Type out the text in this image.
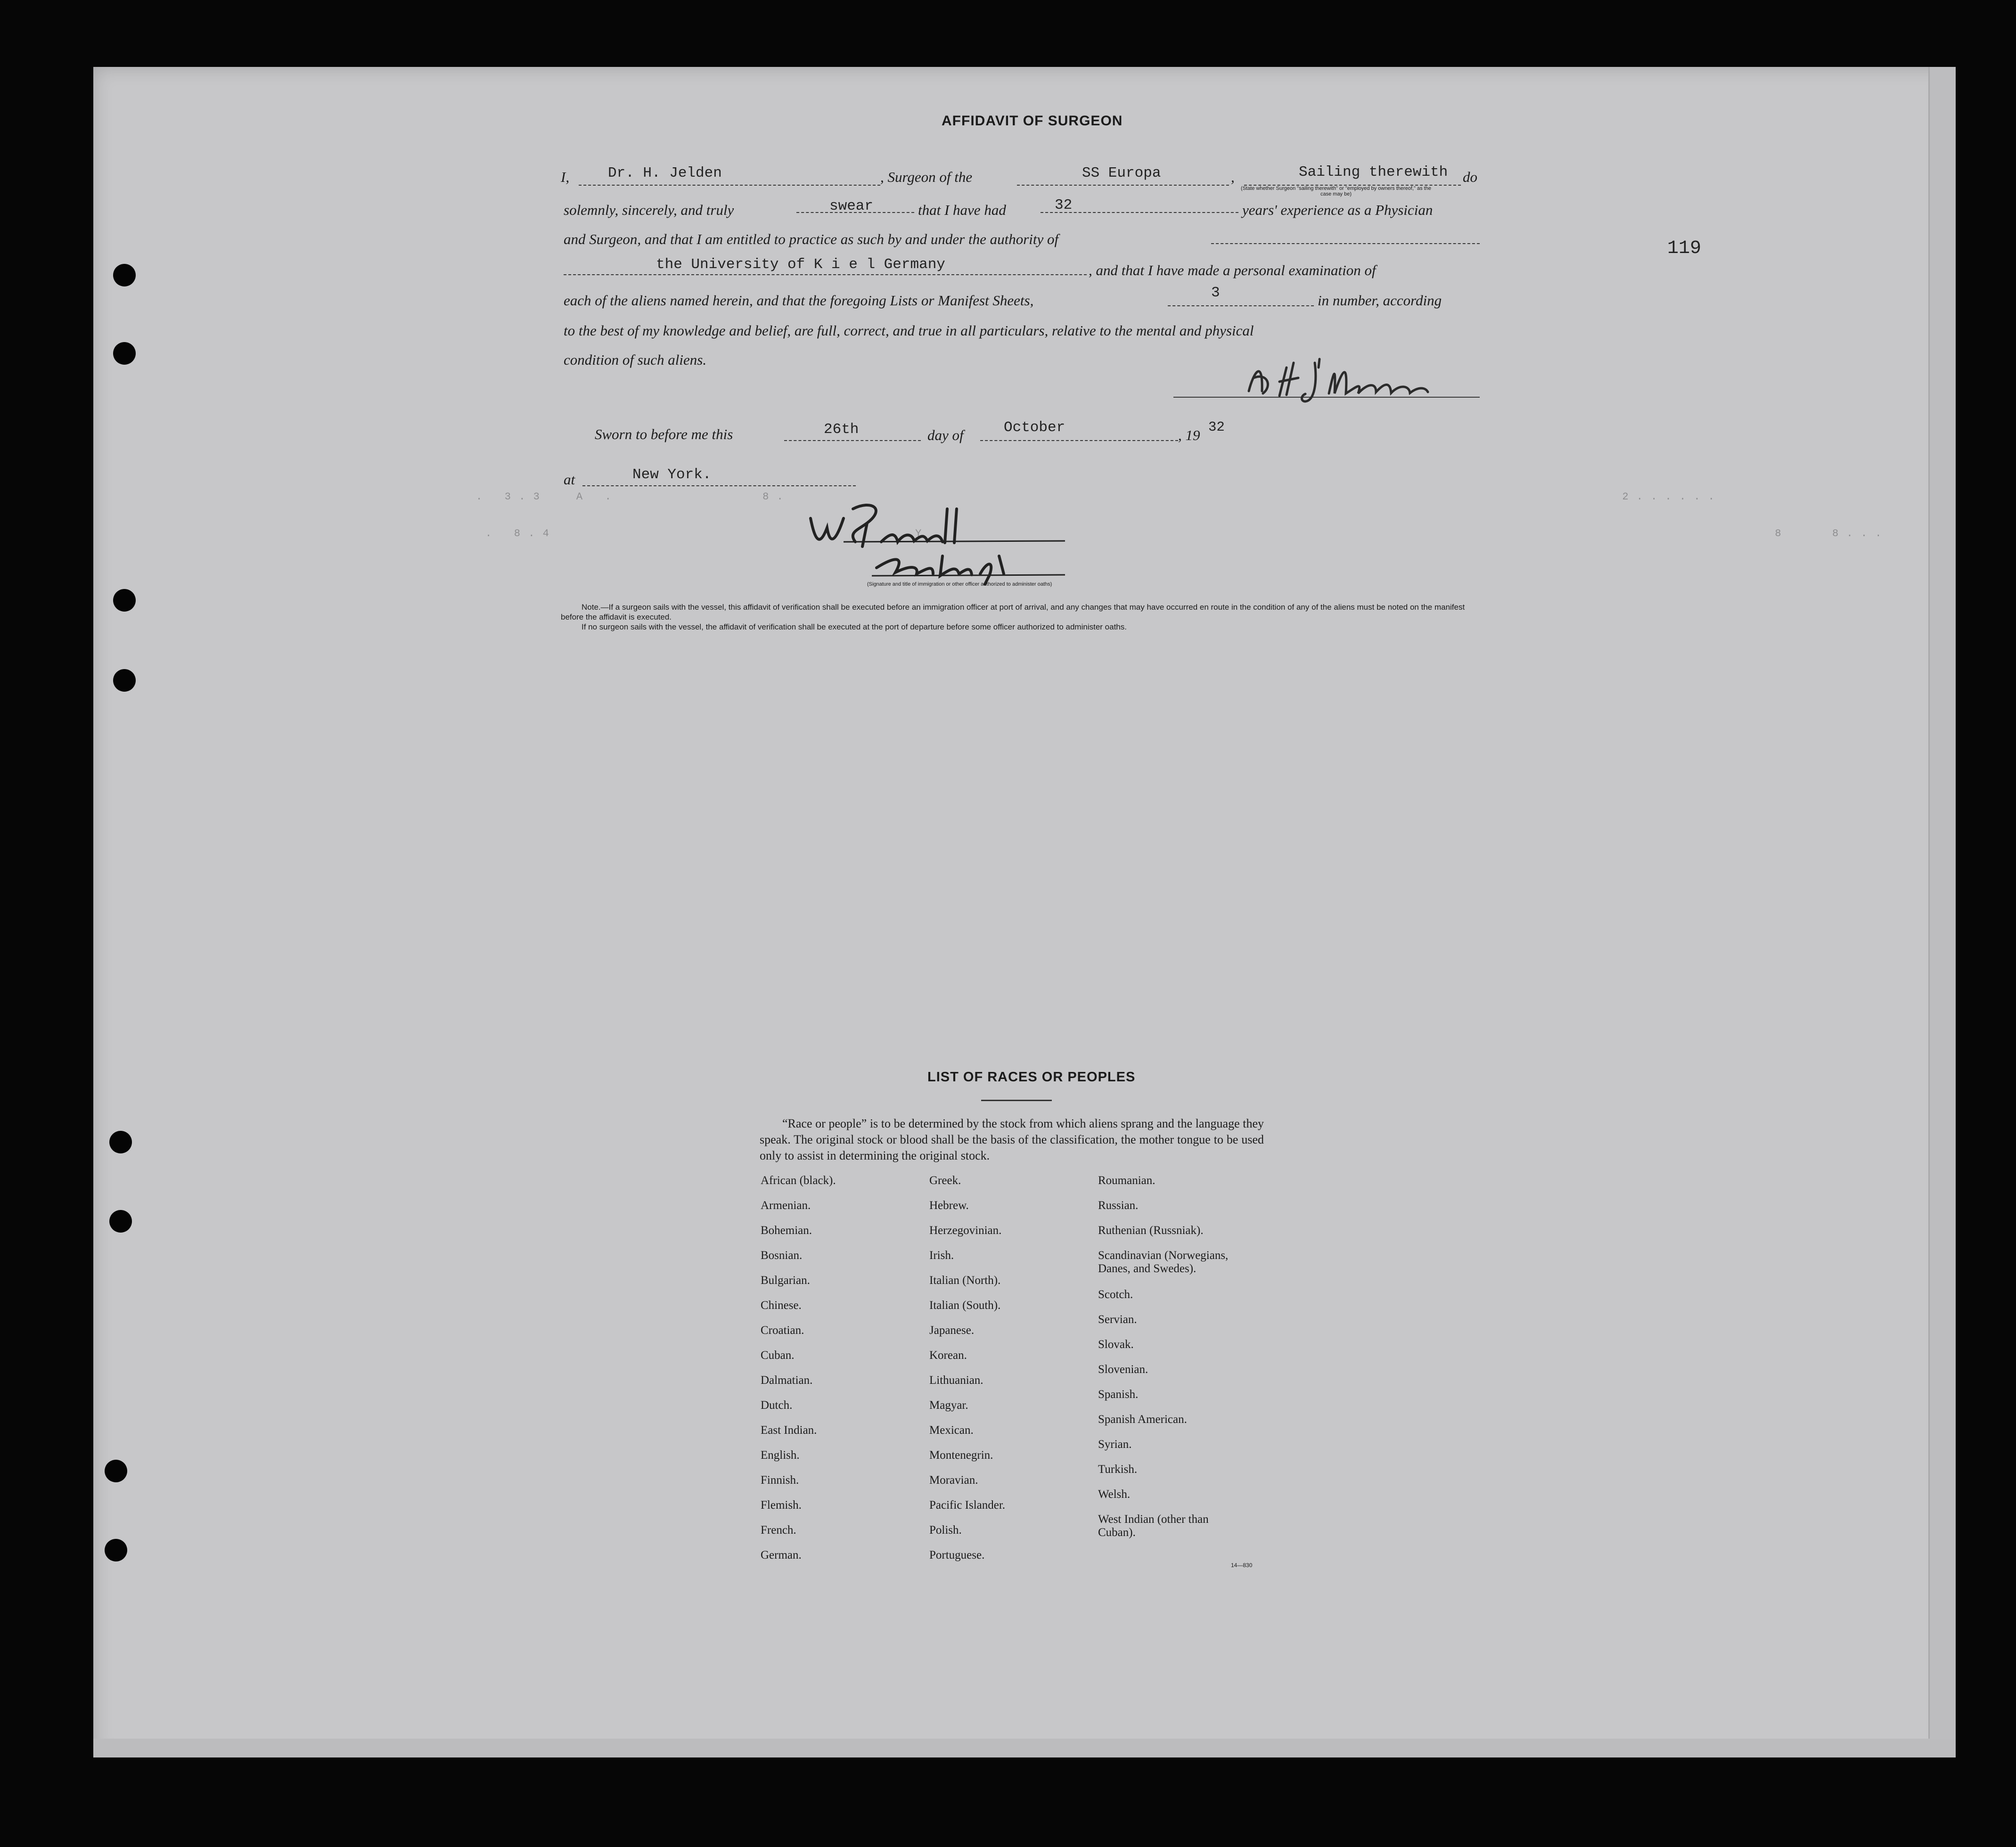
119
AFFIDAVIT OF SURGEON
I,	Dr. H. Jelden	, Surgeon of the	SS Europa	,	Sailing therewith do
(State whether Surgeon "sailing therewith" or "employed by owners thereof," as the case may be)
solemnly, sincerely, and truly	swear	that I have had	32	years' experience as a Physician
and Surgeon, and that I am entitled to practice as such by and under the authority of
the University of K i e l Germany	, and that I have made a personal examination of
each of the aliens named herein, and that the foregoing Lists or Manifest Sheets,	3	in number, according
to the best of my knowledge and belief, are full, correct, and true in all particulars, relative to the mental and physical
condition of such aliens.
Sworn to before me this	26th	day of	October	, 19 32
at	New York.
.   3 . 3     A   .                     8 .                                                                                                                     2 . . . . . .
.   8 . 4                                                   Y                                                                                                                       8       8 . . .
(Signature and title of immigration or other officer authorized to administer oaths)
Note.—If a surgeon sails with the vessel, this affidavit of verification shall be executed before an immigration officer at port of arrival, and any changes that may have occurred en route in the condition of any of the aliens must be noted on the manifest before the affidavit is executed.
If no surgeon sails with the vessel, the affidavit of verification shall be executed at the port of departure before some officer authorized to administer oaths.
LIST OF RACES OR PEOPLES
“Race or people” is to be determined by the stock from which aliens sprang and the language they speak. The original stock or blood shall be the basis of the classification, the mother tongue to be used only to assist in determining the original stock.
African (black).
Armenian.
Bohemian.
Bosnian.
Bulgarian.
Chinese.
Croatian.
Cuban.
Dalmatian.
Dutch.
East Indian.
English.
Finnish.
Flemish.
French.
German.
Greek.
Hebrew.
Herzegovinian.
Irish.
Italian (North).
Italian (South).
Japanese.
Korean.
Lithuanian.
Magyar.
Mexican.
Montenegrin.
Moravian.
Pacific Islander.
Polish.
Portuguese.
Roumanian.
Russian.
Ruthenian (Russniak).
Scandinavian (Norwegians, Danes, and Swedes).
Scotch.
Servian.
Slovak.
Slovenian.
Spanish.
Spanish American.
Syrian.
Turkish.
Welsh.
West Indian (other than Cuban).
14—830
